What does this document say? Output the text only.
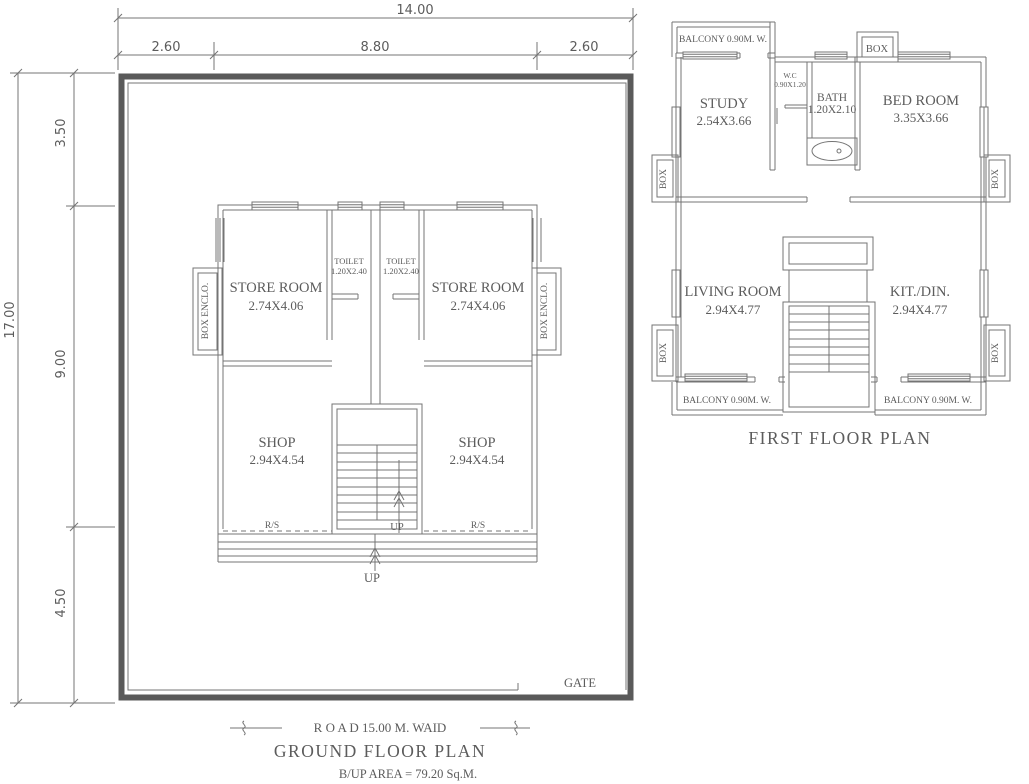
14.00
2.60	8.80	2.60
17.00
3.50
9.00
4.50
GATE
BOX ENCLO.	BOX ENCLO.
UP
R/S	R/S
UP
STORE ROOM
2.74X4.06
STORE ROOM
2.74X4.06
TOILET
1.20X2.40
TOILET
1.20X2.40
SHOP
2.94X4.54
SHOP
2.94X4.54
R O A D 15.00 M. WAID
GROUND FLOOR PLAN
B/UP AREA = 79.20 Sq.M.
BALCONY 0.90M. W.
BOX
BOX
BOX
BOX
BOX
BALCONY 0.90M. W.	BALCONY 0.90M. W.
STUDY
2.54X3.66
W.C
0.90X1.20
BATH
1.20X2.10
BED ROOM
3.35X3.66
LIVING ROOM
2.94X4.77
KIT./DIN.
2.94X4.77
FIRST FLOOR PLAN
